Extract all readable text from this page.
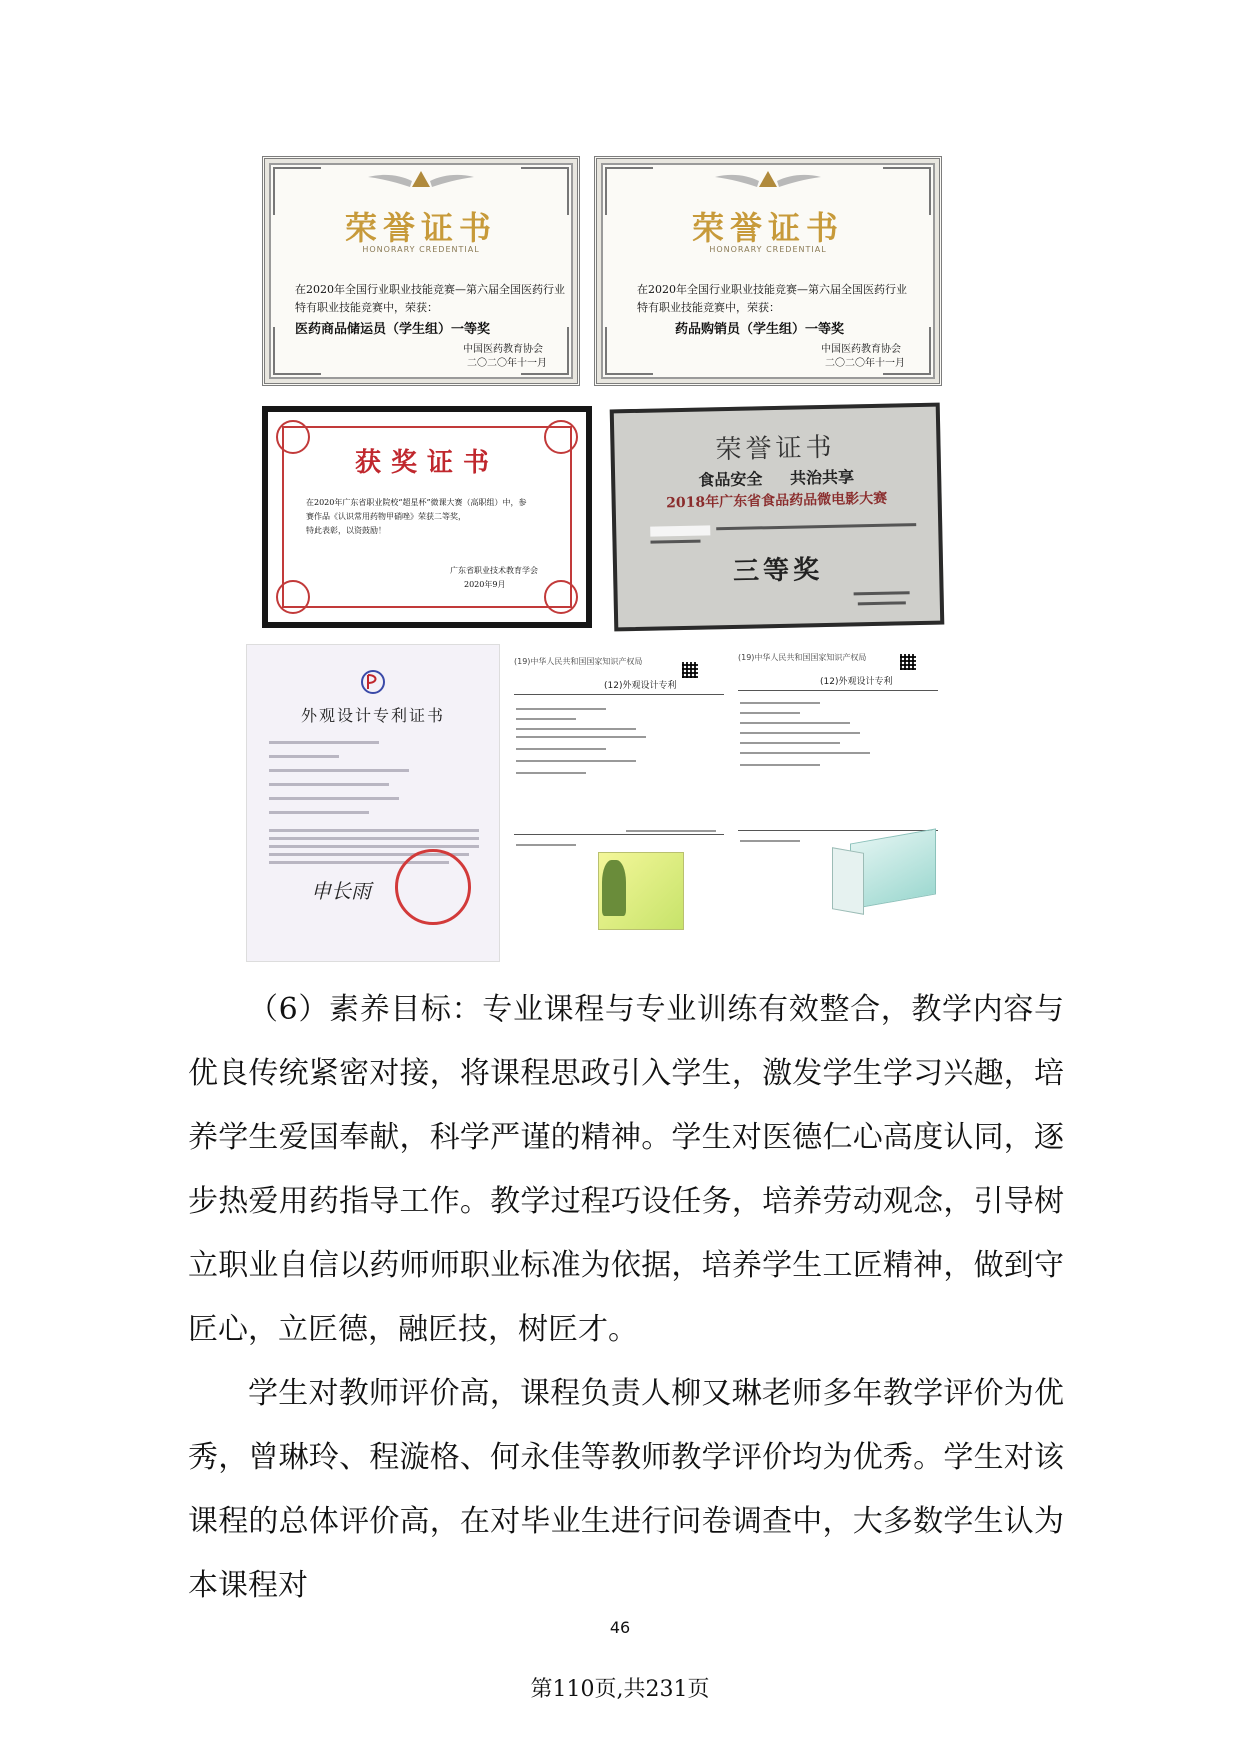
荣誉证书
HONORARY CREDENTIAL
在2020年全国行业职业技能竞赛—第六届全国医药行业
特有职业技能竞赛中，荣获：
医药商品储运员（学生组）一等奖
中国医药教育协会
二〇二〇年十一月
荣誉证书
HONORARY CREDENTIAL
在2020年全国行业职业技能竞赛—第六届全国医药行业
特有职业技能竞赛中，荣获：
药品购销员（学生组）一等奖
中国医药教育协会
二〇二〇年十一月
获奖证书
在2020年广东省职业院校“超星杯”微课大赛（高职组）中，参
赛作品《认识常用药物甲硝唑》荣获二等奖，
特此表彰，以资鼓励！
广东省职业技术教育学会
2020年9月
荣誉证书
食品安全 共治共享
2018年广东省食品药品微电影大赛
三等奖
外观设计专利证书
申长雨
(19)中华人民共和国国家知识产权局
(12)外观设计专利
(19)中华人民共和国国家知识产权局
(12)外观设计专利
（6）素养目标：专业课程与专业训练有效整合，教学内容与优良传统紧密对接，将课程思政引入学生，激发学生学习兴趣，培养学生爱国奉献，科学严谨的精神。学生对医德仁心高度认同，逐步热爱用药指导工作。教学过程巧设任务，培养劳动观念，引导树立职业自信以药师师职业标准为依据，培养学生工匠精神，做到守匠心，立匠德，融匠技，树匠才。
学生对教师评价高，课程负责人柳又琳老师多年教学评价为优秀，曾琳玲、程漩格、何永佳等教师教学评价均为优秀。学生对该课程的总体评价高，在对毕业生进行问卷调查中，大多数学生认为本课程对
46
第110页,共231页
